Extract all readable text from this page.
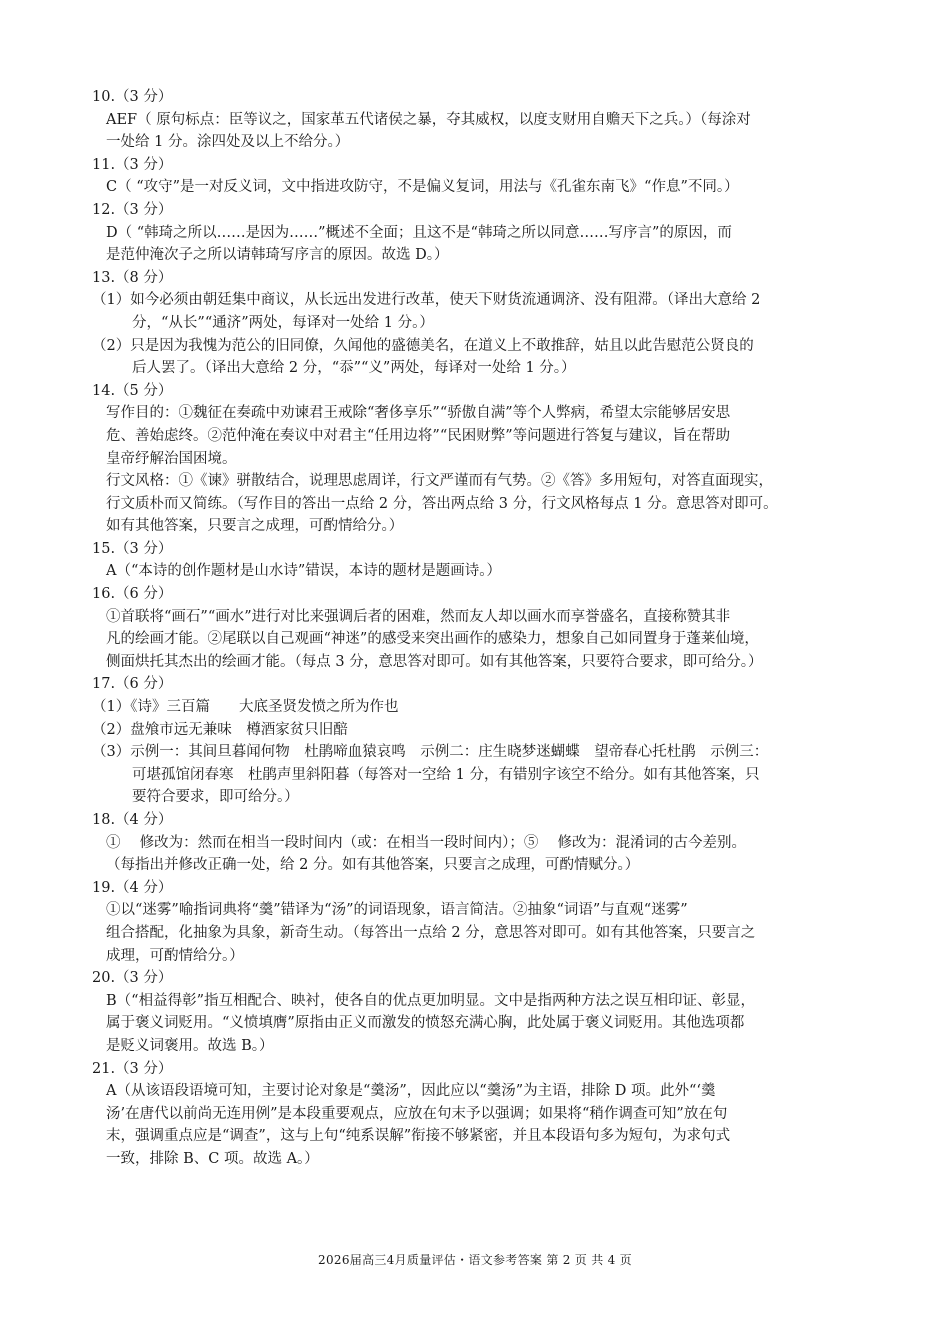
10.（3 分）

AEF（ 原句标点：臣等议之，国家革五代诸侯之暴，夺其威权，以度支财用自赡天下之兵。）（每涂对
一处给 1 分。涂四处及以上不给分。）

11.（3 分）

C（ “攻守”是一对反义词，文中指进攻防守，不是偏义复词，用法与《孔雀东南飞》“作息”不同。）

12.（3 分）

D（ “韩琦之所以……是因为……”概述不全面；且这不是“韩琦之所以同意……写序言”的原因，而
是范仲淹次子之所以请韩琦写序言的原因。故选 D。）

13.（8 分）

（1）如今必须由朝廷集中商议，从长远出发进行改革，使天下财货流通调济、没有阻滞。（译出大意给 2
分，“从长”“通济”两处，每译对一处给 1 分。）

（2）只是因为我愧为范公的旧同僚，久闻他的盛德美名，在道义上不敢推辞，姑且以此告慰范公贤良的
后人罢了。（译出大意给 2 分，“忝”“义”两处，每译对一处给 1 分。）

14.（5 分）

写作目的：①魏征在奏疏中劝谏君王戒除“奢侈享乐”“骄傲自满”等个人弊病，希望太宗能够居安思
危、善始虑终。②范仲淹在奏议中对君主“任用边将”“民困财弊”等问题进行答复与建议，旨在帮助
皇帝纾解治国困境。
行文风格：①《谏》骈散结合，说理思虑周详，行文严谨而有气势。②《答》多用短句，对答直面现实，
行文质朴而又简练。（写作目的答出一点给 2 分，答出两点给 3 分，行文风格每点 1 分。意思答对即可。
如有其他答案，只要言之成理，可酌情给分。）

15.（3 分）

A（“本诗的创作题材是山水诗”错误，本诗的题材是题画诗。）

16.（6 分）

①首联将“画石”“画水”进行对比来强调后者的困难，然而友人却以画水而享誉盛名，直接称赞其非
凡的绘画才能。②尾联以自己观画“神迷”的感受来突出画作的感染力，想象自己如同置身于蓬莱仙境，
侧面烘托其杰出的绘画才能。（每点 3 分，意思答对即可。如有其他答案，只要符合要求，即可给分。）

17.（6 分）

（1）《诗》三百篇　　大底圣贤发愤之所为作也

（2）盘飧市远无兼味　樽酒家贫只旧醅

（3）示例一：其间旦暮闻何物　杜鹃啼血猿哀鸣　示例二：庄生晓梦迷蝴蝶　望帝春心托杜鹃　示例三：
可堪孤馆闭春寒　杜鹃声里斜阳暮（每答对一空给 1 分，有错别字该空不给分。如有其他答案，只
要符合要求，即可给分。）

18.（4 分）

①　 修改为：然而在相当一段时间内（或：在相当一段时间内）；⑤　 修改为：混淆词的古今差别。
（每指出并修改正确一处，给 2 分。如有其他答案，只要言之成理，可酌情赋分。）

19.（4 分）

①以“迷雾”喻指词典将“羹”错译为“汤”的词语现象，语言简洁。②抽象“词语”与直观“迷雾”
组合搭配，化抽象为具象，新奇生动。（每答出一点给 2 分，意思答对即可。如有其他答案，只要言之
成理，可酌情给分。）

20.（3 分）

B（“相益得彰”指互相配合、映衬，使各自的优点更加明显。文中是指两种方法之误互相印证、彰显，
属于褒义词贬用。“义愤填膺”原指由正义而激发的愤怒充满心胸，此处属于褒义词贬用。其他选项都
是贬义词褒用。故选 B。）

21.（3 分）

A（从该语段语境可知，主要讨论对象是“羹汤”，因此应以“羹汤”为主语，排除 D 项。此外“‘羹
汤’在唐代以前尚无连用例”是本段重要观点，应放在句末予以强调；如果将“稍作调查可知”放在句
末，强调重点应是“调查”，这与上句“纯系误解”衔接不够紧密，并且本段语句多为短句，为求句式
一致，排除 B、C 项。故选 A。）

2026届高三4月质量评估・语文参考答案 第 2 页 共 4 页
